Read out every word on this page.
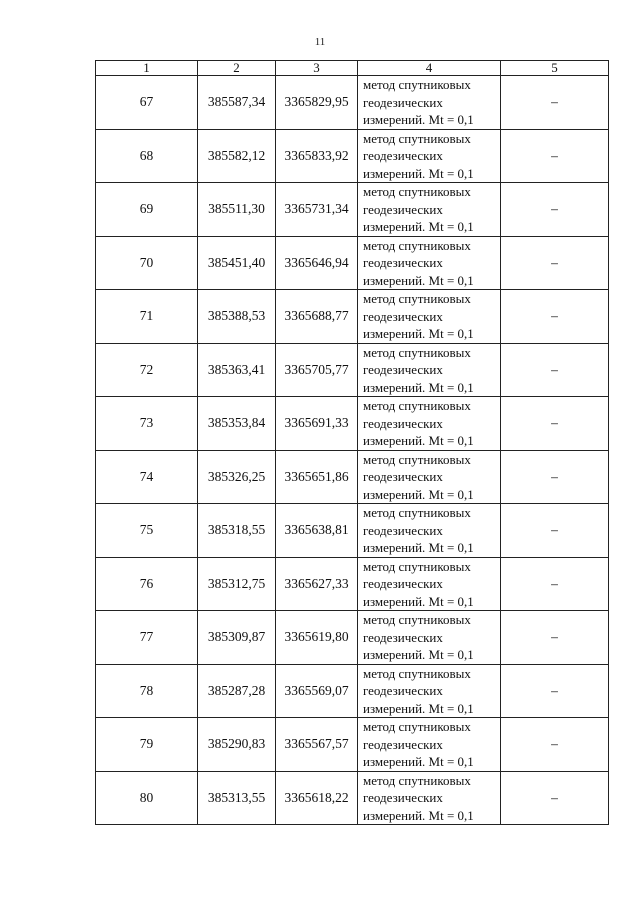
11
1	2	3	4	5
67	385587,34	3365829,95	метод спутниковых геодезических измерений. Mt = 0,1	–
68	385582,12	3365833,92	метод спутниковых геодезических измерений. Mt = 0,1	–
69	385511,30	3365731,34	метод спутниковых геодезических измерений. Mt = 0,1	–
70	385451,40	3365646,94	метод спутниковых геодезических измерений. Mt = 0,1	–
71	385388,53	3365688,77	метод спутниковых геодезических измерений. Mt = 0,1	–
72	385363,41	3365705,77	метод спутниковых геодезических измерений. Mt = 0,1	–
73	385353,84	3365691,33	метод спутниковых геодезических измерений. Mt = 0,1	–
74	385326,25	3365651,86	метод спутниковых геодезических измерений. Mt = 0,1	–
75	385318,55	3365638,81	метод спутниковых геодезических измерений. Mt = 0,1	–
76	385312,75	3365627,33	метод спутниковых геодезических измерений. Mt = 0,1	–
77	385309,87	3365619,80	метод спутниковых геодезических измерений. Mt = 0,1	–
78	385287,28	3365569,07	метод спутниковых геодезических измерений. Mt = 0,1	–
79	385290,83	3365567,57	метод спутниковых геодезических измерений. Mt = 0,1	–
80	385313,55	3365618,22	метод спутниковых геодезических измерений. Mt = 0,1	–
